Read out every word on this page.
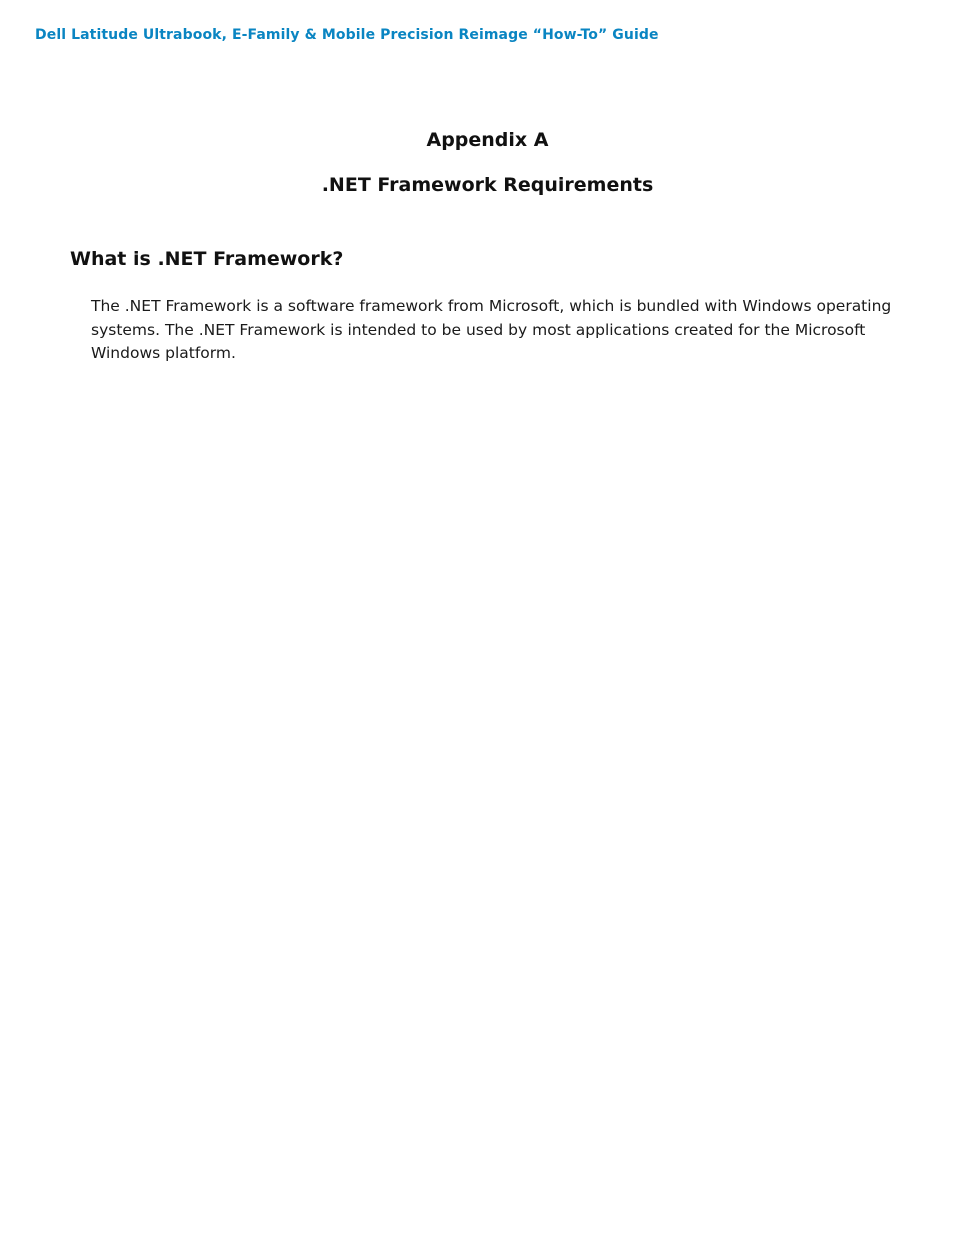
Dell Latitude Ultrabook, E-Family & Mobile Precision Reimage “How-To” Guide
Appendix A
.NET Framework Requirements
What is .NET Framework?

The .NET Framework is a software framework from Microsoft, which is bundled with Windows operating systems. The .NET Framework is intended to be used by most applications created for the Microsoft Windows platform.
